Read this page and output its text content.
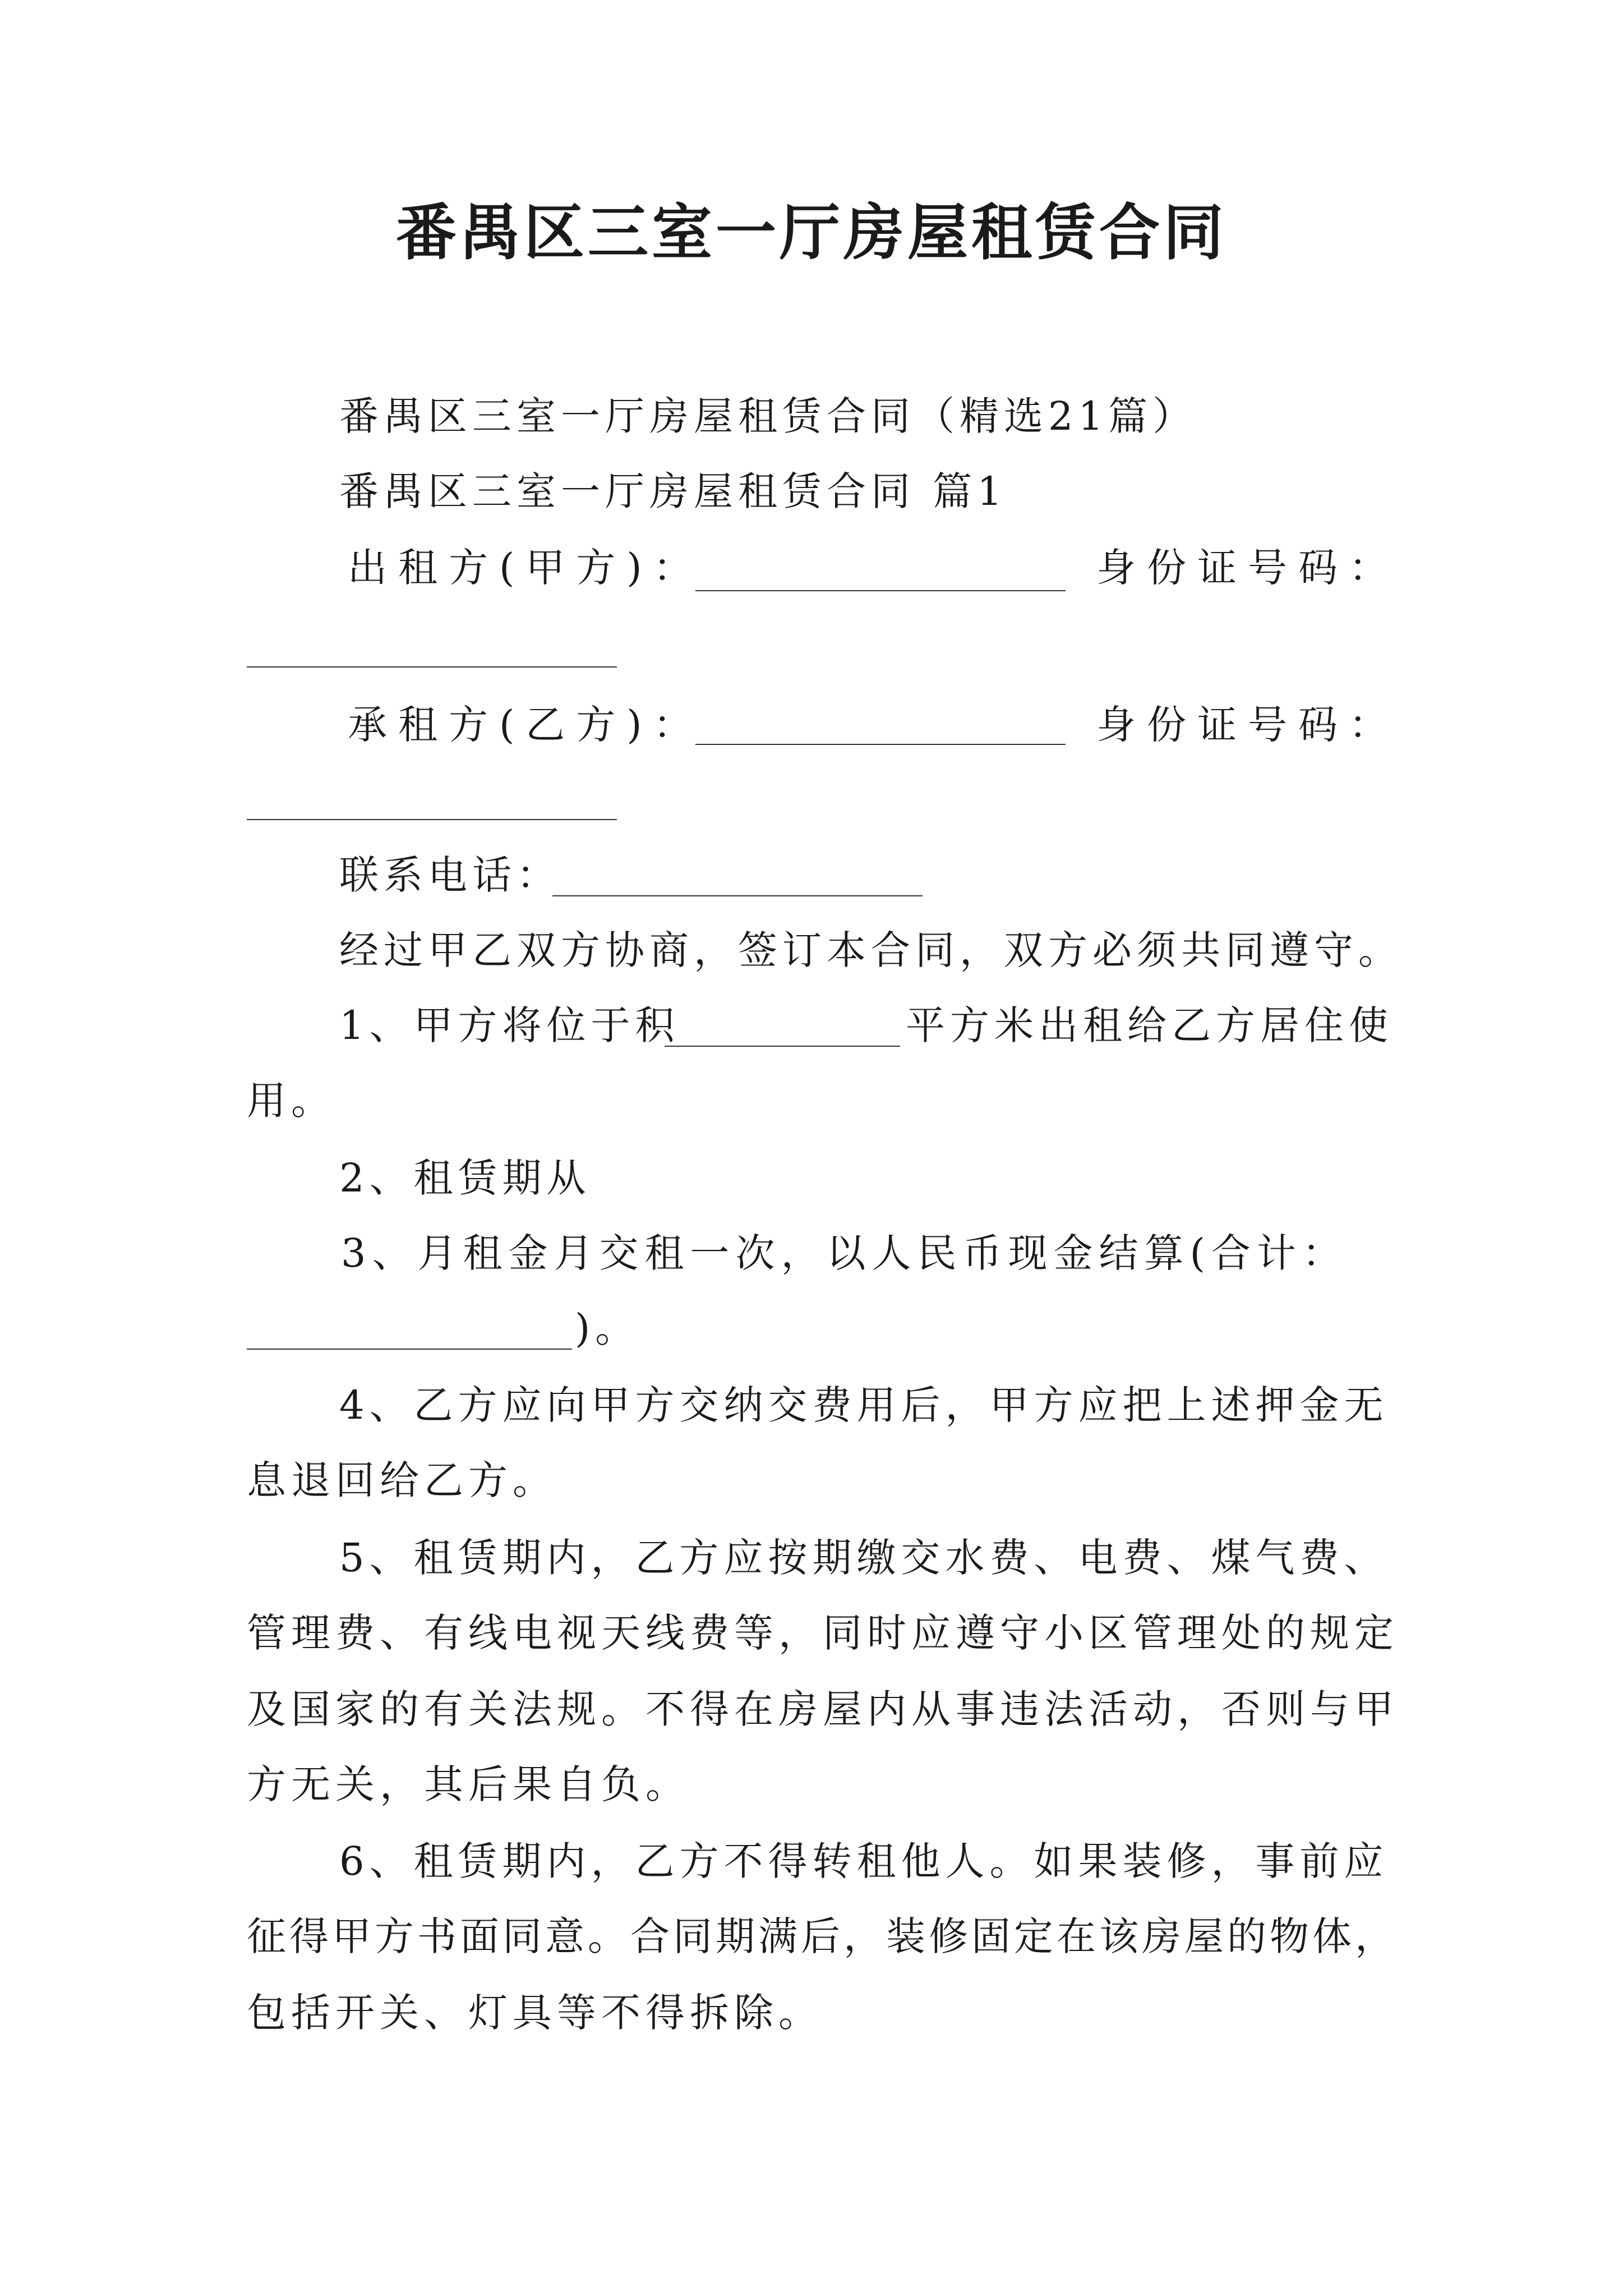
番禺区三室一厅房屋租赁合同
番禺区三室一厅房屋租赁合同（精选21篇）
番禺区三室一厅房屋租赁合同 篇1
出租方(甲方)：	身份证号码：
承租方(乙方)：	身份证号码：
联系电话：
经过甲乙双方协商，签订本合同，双方必须共同遵守。
1、甲方将位于积	平方米出租给乙方居住使
用。
2、租赁期从
3、月租金月交租一次，以人民币现金结算(合计：
)。
4、乙方应向甲方交纳交费用后，甲方应把上述押金无
息退回给乙方。
5、租赁期内，乙方应按期缴交水费、电费、煤气费、
管理费、有线电视天线费等，同时应遵守小区管理处的规定
及国家的有关法规。不得在房屋内从事违法活动，否则与甲
方无关，其后果自负。
6、租赁期内，乙方不得转租他人。如果装修，事前应
征得甲方书面同意。合同期满后，装修固定在该房屋的物体，
包括开关、灯具等不得拆除。
